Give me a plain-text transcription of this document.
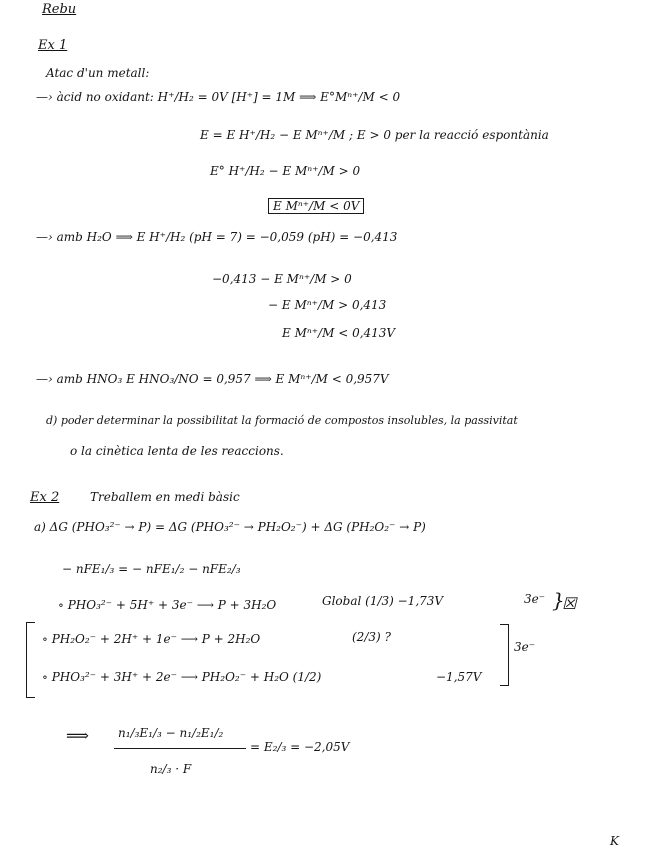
Rebu
Ex 1
Atac d'un metall:
—› àcid no oxidant: H⁺/H₂ = 0V [H⁺] = 1M ⟹ E°Mⁿ⁺/M < 0
E = E H⁺/H₂ − E Mⁿ⁺/M ; E > 0 per la reacció espontània
E° H⁺/H₂ − E Mⁿ⁺/M > 0
E Mⁿ⁺/M < 0V
—› amb H₂O ⟹ E H⁺/H₂ (pH = 7) = −0,059 (pH) = −0,413
−0,413 − E Mⁿ⁺/M > 0
− E Mⁿ⁺/M > 0,413
E Mⁿ⁺/M < 0,413V
—› amb HNO₃ E HNO₃/NO = 0,957 ⟹ E Mⁿ⁺/M < 0,957V
d) poder determinar la possibilitat la formació de compostos insolubles, la passivitat
o la cinètica lenta de les reaccions.
Ex 2	Treballem en medi bàsic
a) ΔG (PHO₃²⁻ → P) = ΔG (PHO₃²⁻ → PH₂O₂⁻) + ΔG (PH₂O₂⁻ → P)
− nFE₁/₃ = − nFE₁/₂ − nFE₂/₃
∘ PHO₃²⁻ + 5H⁺ + 3e⁻ ⟶ P + 3H₂O	Global (1/3) −1,73V	3e⁻ }
☒
∘ PH₂O₂⁻ + 2H⁺ + 1e⁻ ⟶ P + 2H₂O	(2/3) ?
∘ PHO₃²⁻ + 3H⁺ + 2e⁻ ⟶ PH₂O₂⁻ + H₂O (1/2)	−1,57V
3e⁻
⟹ n₁/₃E₁/₃ − n₁/₂E₁/₂
n₂/₃ · F
= E₂/₃ = −2,05V
K
